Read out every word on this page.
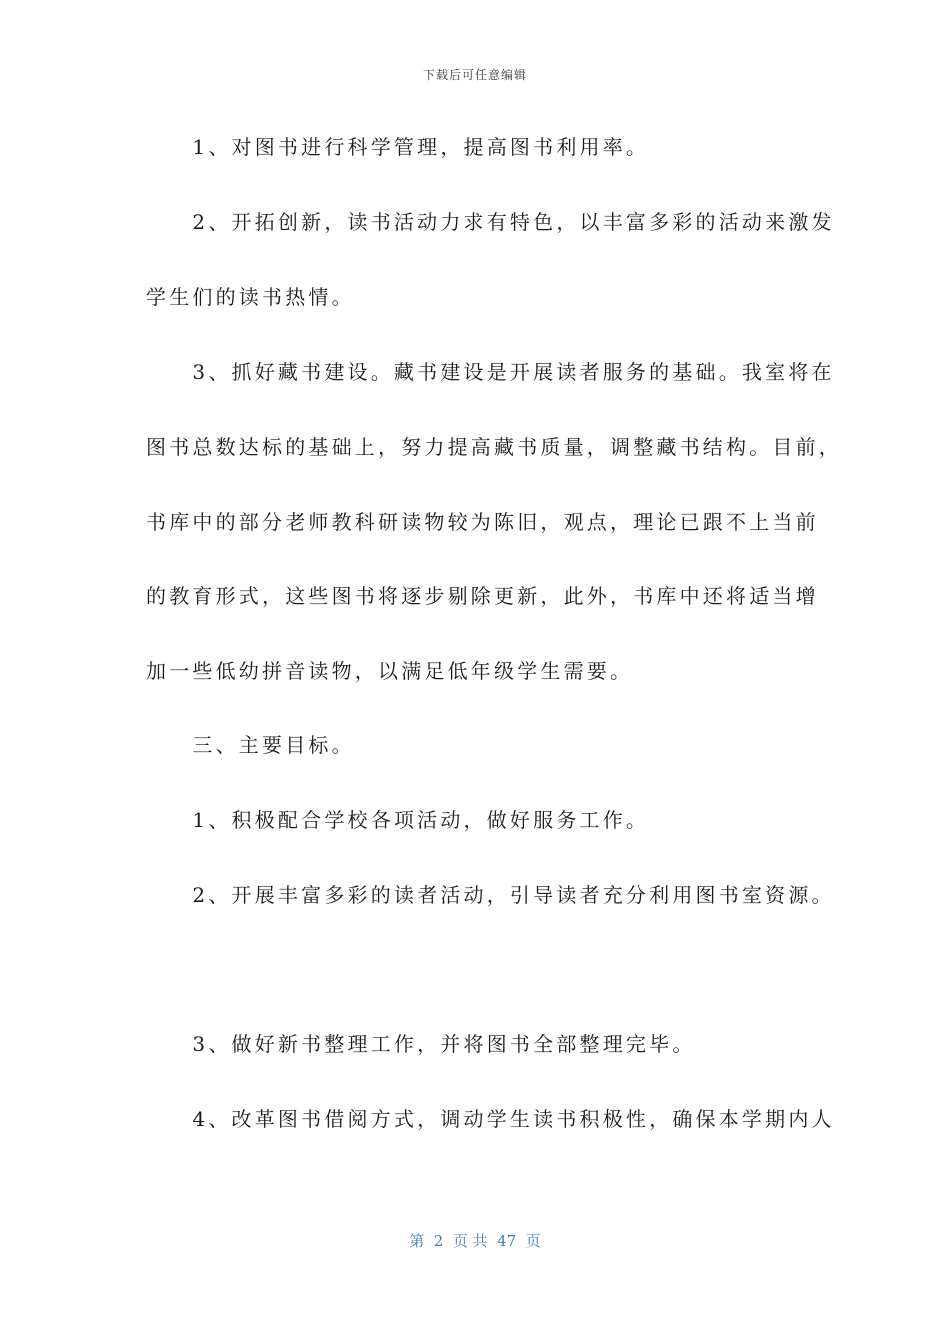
下载后可任意编辑
　　1、对图书进行科学管理，提高图书利用率。
　　2、开拓创新，读书活动力求有特色，以丰富多彩的活动来激发
学生们的读书热情。
　　3、抓好藏书建设。藏书建设是开展读者服务的基础。我室将在
图书总数达标的基础上，努力提高藏书质量，调整藏书结构。目前，
书库中的部分老师教科研读物较为陈旧，观点，理论已跟不上当前
的教育形式，这些图书将逐步剔除更新，此外，书库中还将适当增
加一些低幼拼音读物，以满足低年级学生需要。
　　三、主要目标。
　　1、积极配合学校各项活动，做好服务工作。
　　2、开展丰富多彩的读者活动，引导读者充分利用图书室资源。
　　3、做好新书整理工作，并将图书全部整理完毕。
　　4、改革图书借阅方式，调动学生读书积极性，确保本学期内人
第  2  页 共  47  页
